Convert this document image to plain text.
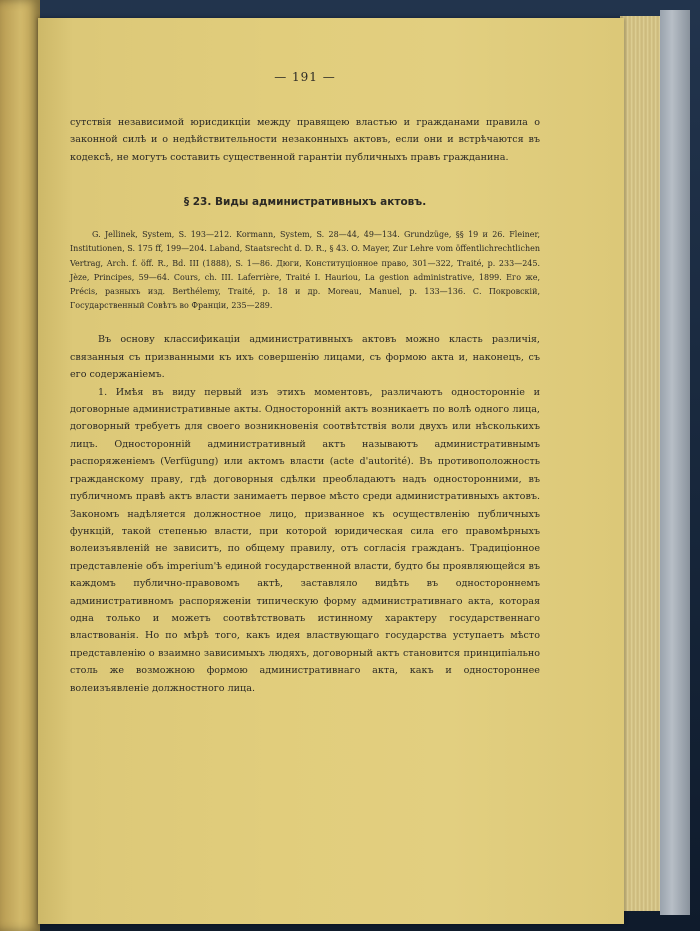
— 191 —

сутствія независимой юрисдикціи между правящею властью и гражданами правила о законной силѣ и о недѣйствительности незаконныхъ актовъ, если они и встрѣчаются въ кодексѣ, не могутъ составить существенной гарантіи публичныхъ правъ гражданина.

§ 23. Виды административныхъ актовъ.

G. Jellinek, System, S. 193—212. Kormann, System, S. 28—44, 49—134. Grundzüge, §§ 19 и 26. Fleiner, Institutionen, S. 175 ff, 199—204. Laband, Staatsrecht d. D. R., § 43. O. Mayer, Zur Lehre vom öffentlichrechtlichen Vertrag, Arch. f. öff. R., Bd. III (1888), S. 1—86. Дюги, Конституціонное право, 301—322, Traité, p. 233—245. Jèze, Principes, 59—64. Cours, ch. III. Laferrière, Traité I. Hauriou, La gestion administrative, 1899. Его же, Précis, разныхъ изд. Berthélemy, Traité, p. 18 и др. Moreau, Manuel, p. 133—136. С. Покровскій, Государственный Совѣтъ во Франціи, 235—289.

Въ основу классификаціи административныхъ актовъ можно класть различія, связанныя съ призванными къ ихъ совершенію лицами, съ формою акта и, наконецъ, съ его содержаніемъ.

1. Имѣя въ виду первый изъ этихъ моментовъ, различаютъ односторонніе и договорные административные акты. Односторонній актъ возникаетъ по волѣ одного лица, договорный требуетъ для своего возникновенія соотвѣтствія воли двухъ или нѣсколькихъ лицъ. Односторонній административный актъ называютъ административнымъ распоряженіемъ (Verfügung) или актомъ власти (acte d'autorité). Въ противоположность гражданскому праву, гдѣ договорныя сдѣлки преобладаютъ надъ односторонними, въ публичномъ правѣ актъ власти занимаетъ первое мѣсто среди административныхъ актовъ. Закономъ надѣляется должностное лицо, призванное къ осуществленію публичныхъ функцій, такой степенью власти, при которой юридическая сила его правомѣрныхъ волеизъявленій не зависитъ, по общему правилу, отъ согласія гражданъ. Традиціонное представленіе объ imperium'ѣ единой государственной власти, будто бы проявляющейся въ каждомъ публично-правовомъ актѣ, заставляло видѣть въ одностороннемъ административномъ распоряженіи типическую форму административнаго акта, которая одна только и можетъ соотвѣтствовать истинному характеру государственнаго властвованія. Но по мѣрѣ того, какъ идея властвующаго государства уступаетъ мѣсто представленію о взаимно зависимыхъ людяхъ, договорный актъ становится принципіально столь же возможною формою административнаго акта, какъ и одностороннее волеизъявленіе должностного лица.
